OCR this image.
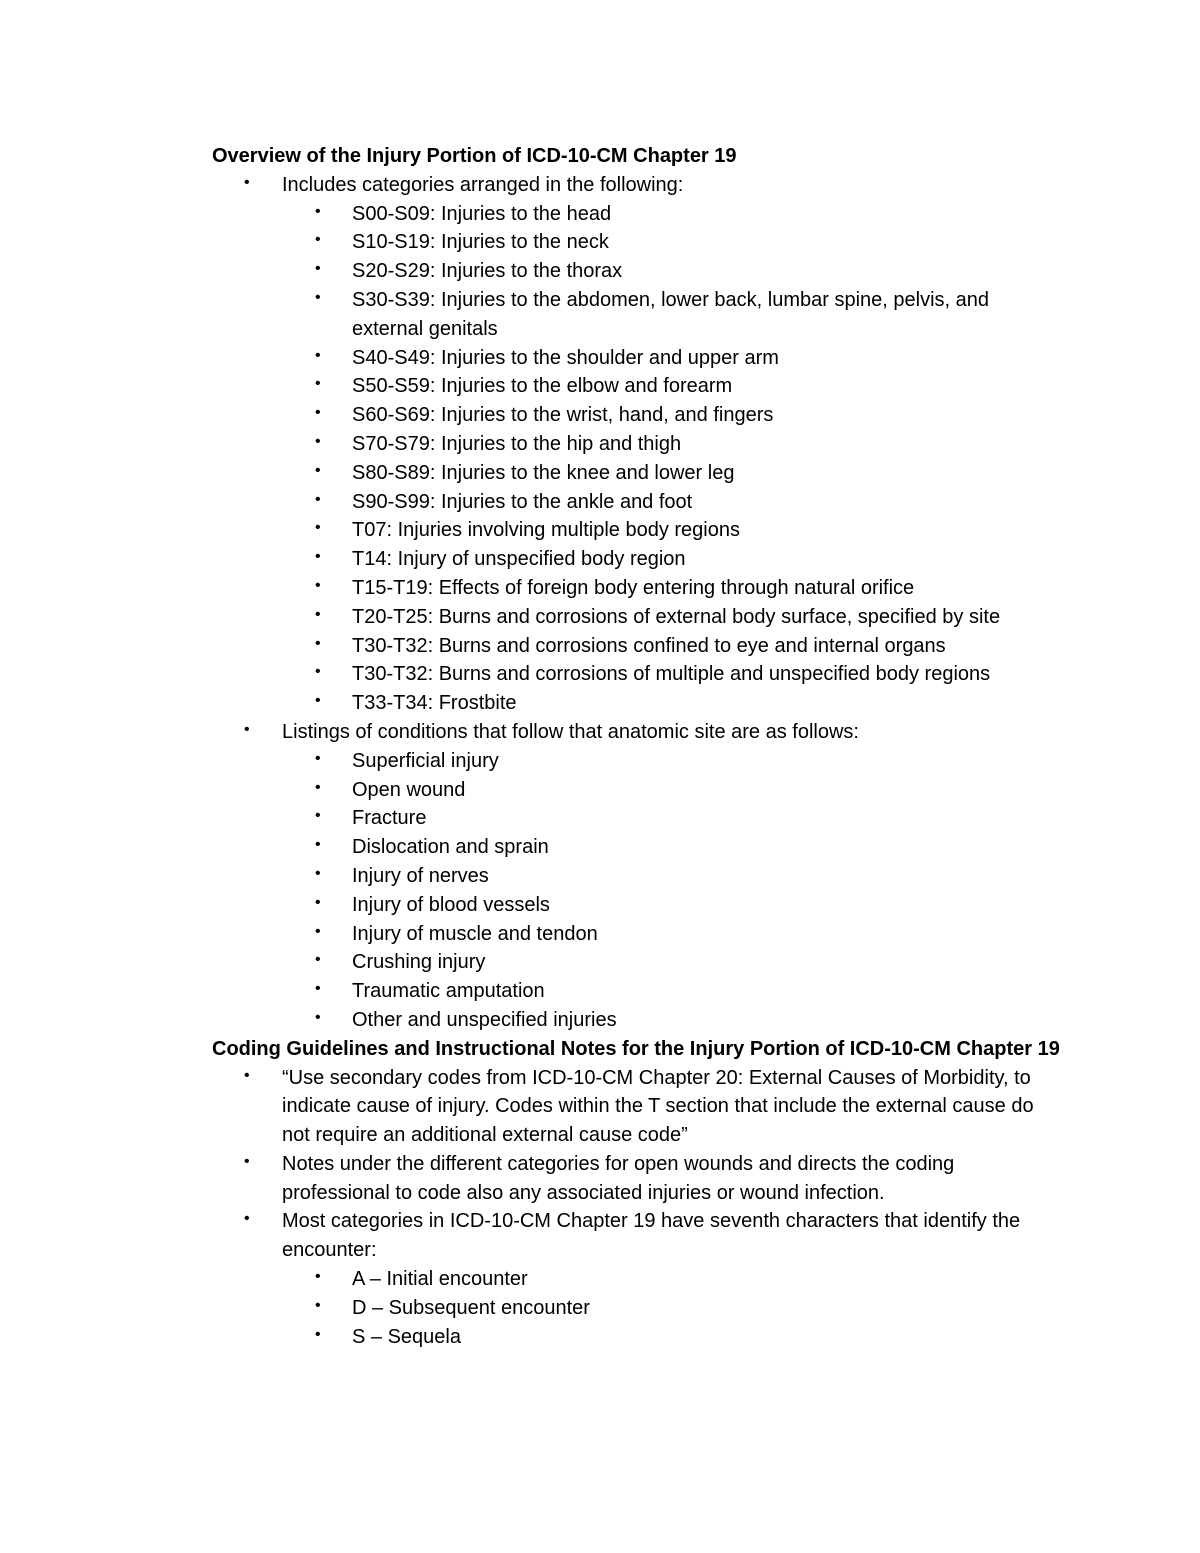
Overview of the Injury Portion of ICD-10-CM Chapter 19

• Includes categories arranged in the following:
• S00-S09: Injuries to the head
• S10-S19: Injuries to the neck
• S20-S29: Injuries to the thorax
• S30-S39: Injuries to the abdomen, lower back, lumbar spine, pelvis, and external genitals
• S40-S49: Injuries to the shoulder and upper arm
• S50-S59: Injuries to the elbow and forearm
• S60-S69: Injuries to the wrist, hand, and fingers
• S70-S79: Injuries to the hip and thigh
• S80-S89: Injuries to the knee and lower leg
• S90-S99: Injuries to the ankle and foot
• T07: Injuries involving multiple body regions
• T14: Injury of unspecified body region
• T15-T19: Effects of foreign body entering through natural orifice
• T20-T25: Burns and corrosions of external body surface, specified by site
• T30-T32: Burns and corrosions confined to eye and internal organs
• T30-T32: Burns and corrosions of multiple and unspecified body regions
• T33-T34: Frostbite
• Listings of conditions that follow that anatomic site are as follows:
• Superficial injury
• Open wound
• Fracture
• Dislocation and sprain
• Injury of nerves
• Injury of blood vessels
• Injury of muscle and tendon
• Crushing injury
• Traumatic amputation
• Other and unspecified injuries

Coding Guidelines and Instructional Notes for the Injury Portion of ICD-10-CM Chapter 19

• “Use secondary codes from ICD-10-CM Chapter 20: External Causes of Morbidity, to indicate cause of injury. Codes within the T section that include the external cause do not require an additional external cause code”
• Notes under the different categories for open wounds and directs the coding professional to code also any associated injuries or wound infection.
• Most categories in ICD-10-CM Chapter 19 have seventh characters that identify the encounter:
• A – Initial encounter
• D – Subsequent encounter
• S – Sequela
